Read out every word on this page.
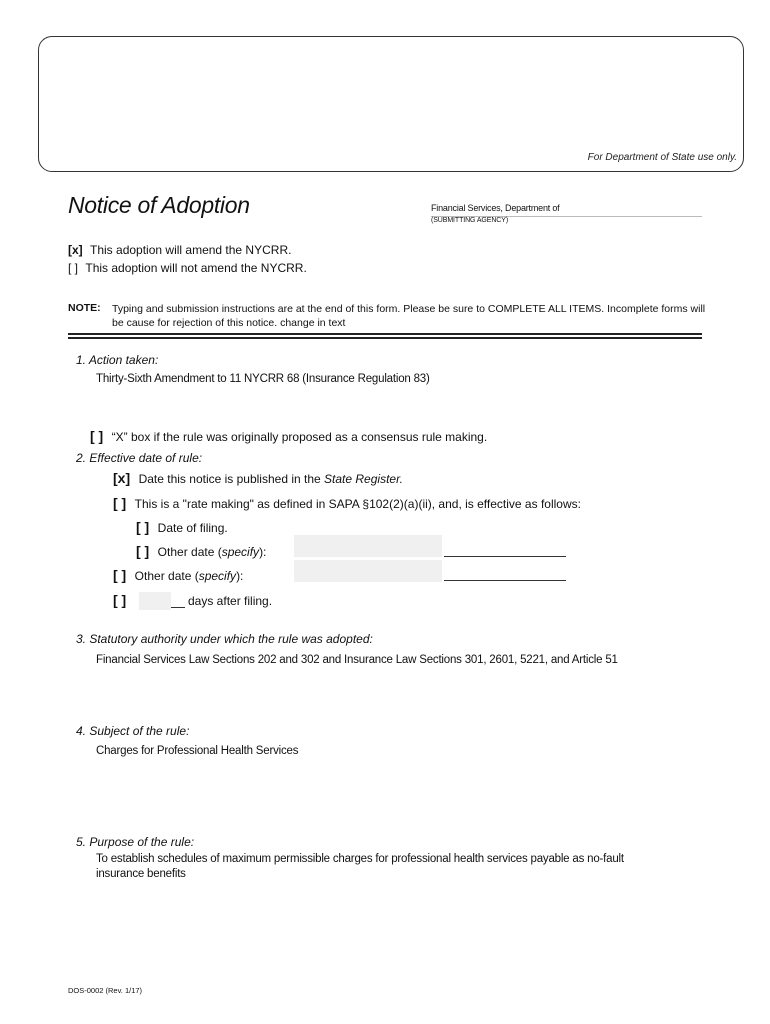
For Department of State use only.
Notice of Adoption	Financial Services, Department of
(SUBMITTING AGENCY)
[x] This adoption will amend the NYCRR.
[ ] This adoption will not amend the NYCRR.
NOTE: Typing and submission instructions are at the end of this form. Please be sure to COMPLETE ALL ITEMS. Incomplete forms will be cause for rejection of this notice. change in text
1. Action taken:
Thirty-Sixth Amendment to 11 NYCRR 68 (Insurance Regulation 83)
[ ] “X” box if the rule was originally proposed as a consensus rule making.
2. Effective date of rule:
[x] Date this notice is published in the State Register.
[ ] This is a "rate making" as defined in SAPA §102(2)(a)(ii), and, is effective as follows:
[ ] Date of filing.
[ ] Other date (specify):
[ ] Other date (specify):
[ ]	days after filing.
3. Statutory authority under which the rule was adopted:
Financial Services Law Sections 202 and 302 and Insurance Law Sections 301, 2601, 5221, and Article 51
4. Subject of the rule:
Charges for Professional Health Services
5. Purpose of the rule:
To establish schedules of maximum permissible charges for professional health services payable as no-fault
insurance benefits
DOS-0002 (Rev. 1/17)
